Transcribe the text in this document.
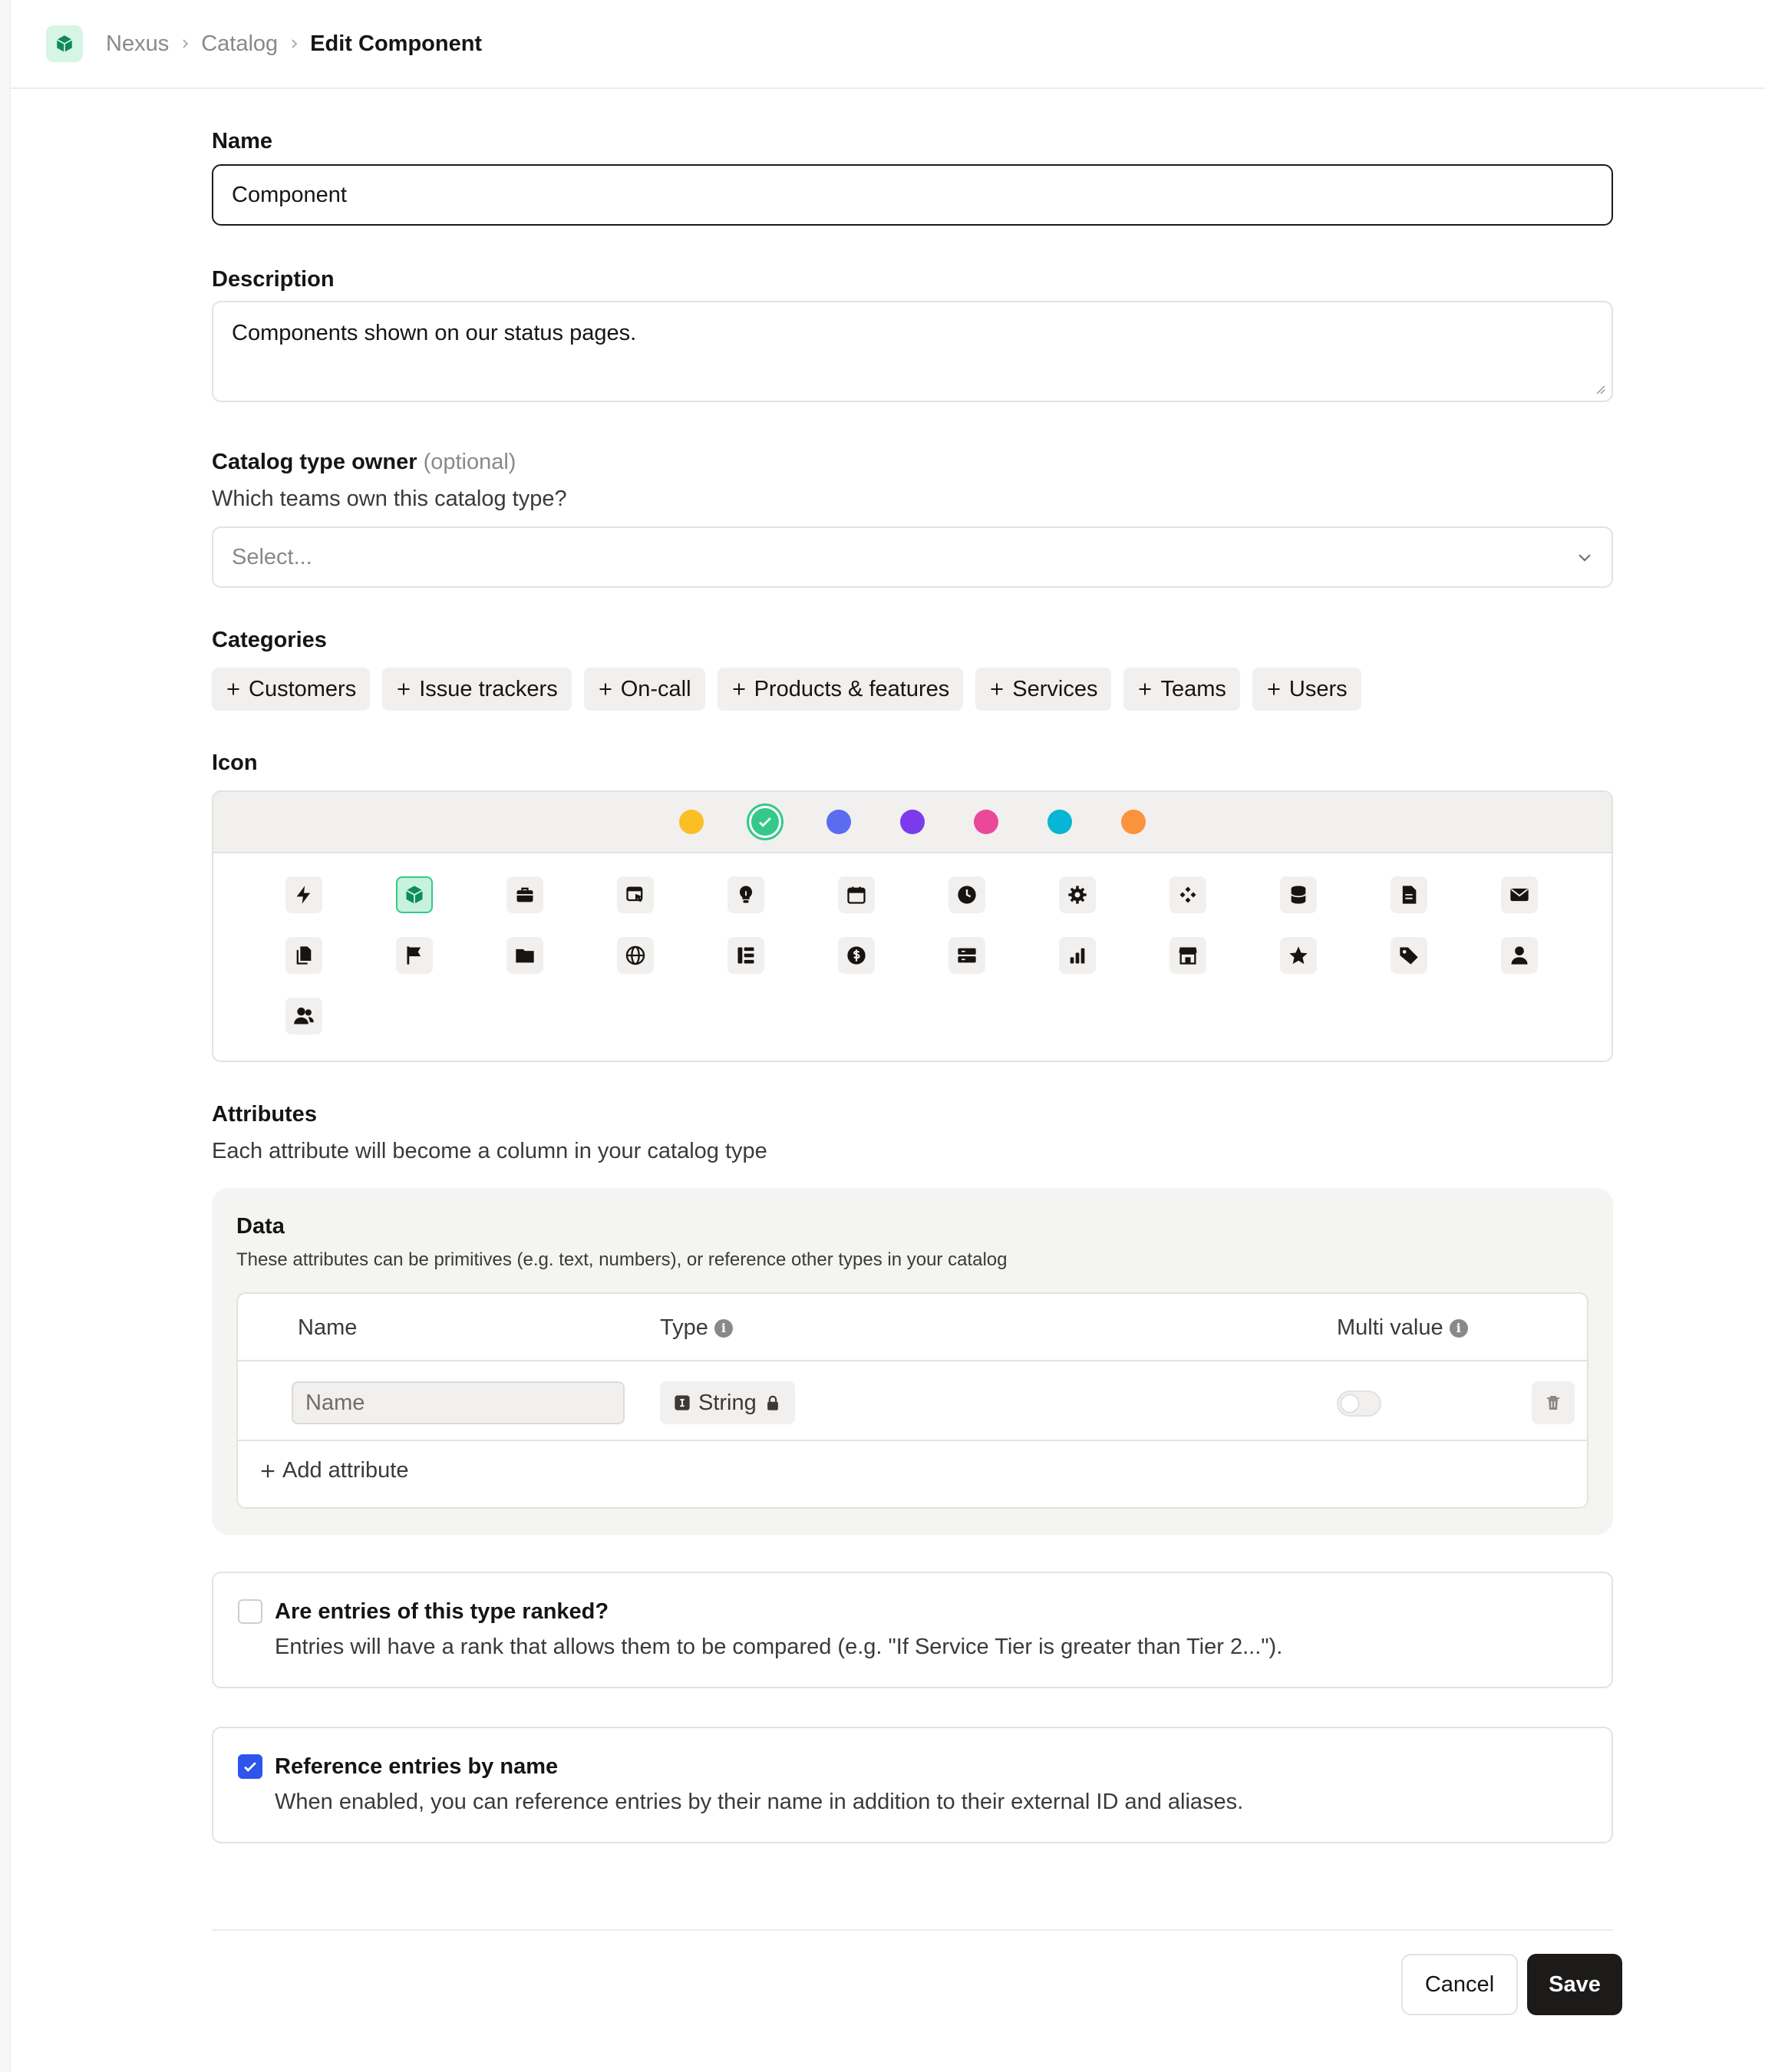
Nexus Catalog Edit Component
Name
Component
Description
Components shown on our status pages.
Catalog type owner (optional)
Which teams own this catalog type?
Select...
Categories
Customers	Issue trackers	On-call	Products & features	Services	Teams	Users
Icon
Attributes
Each attribute will become a column in your catalog type
Data
These attributes can be primitives (e.g. text, numbers), or reference other types in your catalog
Name	Type	i	Multi value	i
Name	String
Add attribute
Are entries of this type ranked?
Entries will have a rank that allows them to be compared (e.g. "If Service Tier is greater than Tier 2...").
Reference entries by name
When enabled, you can reference entries by their name in addition to their external ID and aliases.
Cancel	Save
